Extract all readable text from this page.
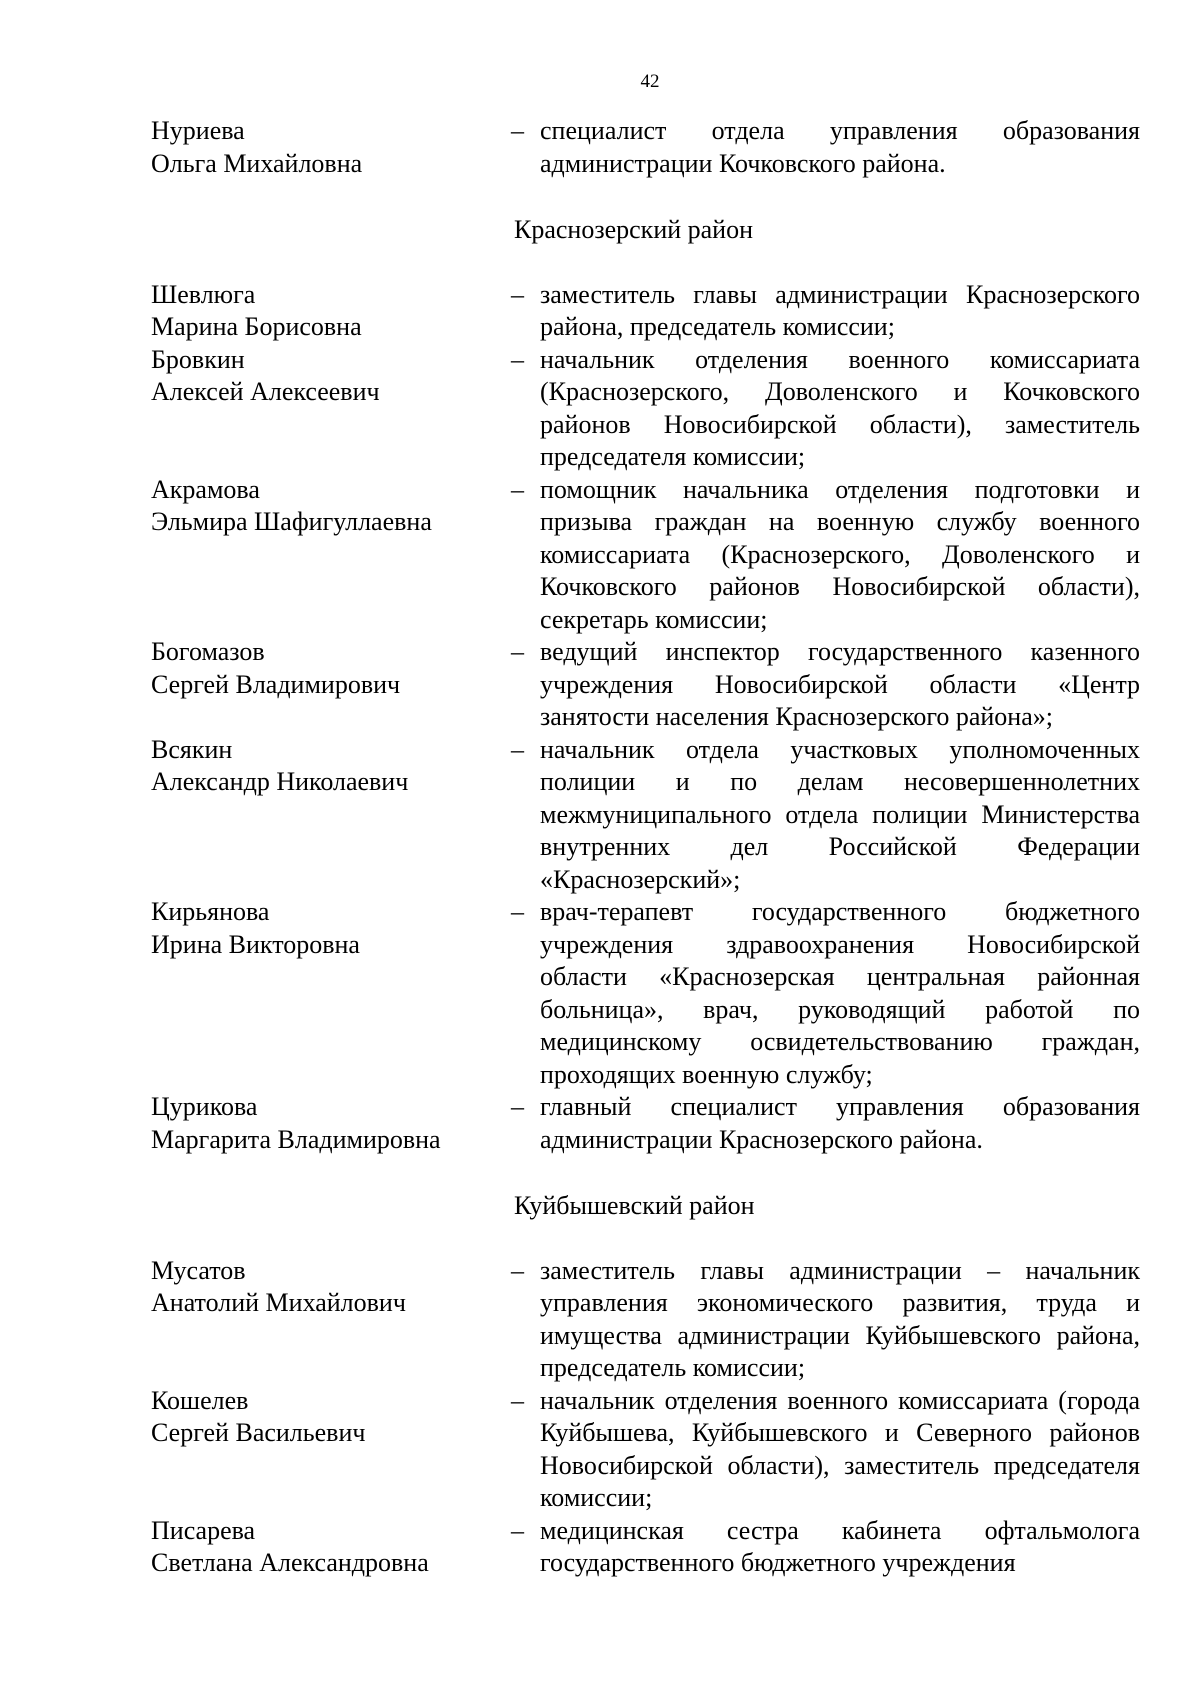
42
Нуриева
Ольга Михайловна
– специалист отдела управления образования администрации Кочковского района.
Краснозерский район
Шевлюга
Марина Борисовна
– заместитель главы администрации Краснозерского района, председатель комиссии;
Бровкин
Алексей Алексеевич
– начальник отделения военного комиссариата (Краснозерского, Доволенского и Кочковского районов Новосибирской области), заместитель председателя комиссии;
Акрамова
Эльмира Шафигуллаевна
– помощник начальника отделения подготовки и призыва граждан на военную службу военного комиссариата (Краснозерского, Доволенского и Кочковского районов Новосибирской области), секретарь комиссии;
Богомазов
Сергей Владимирович
– ведущий инспектор государственного казенного учреждения Новосибирской области «Центр занятости населения Краснозерского района»;
Всякин
Александр Николаевич
– начальник отдела участковых уполномоченных полиции и по делам несовершеннолетних межмуниципального отдела полиции Министерства внутренних дел Российской Федерации «Краснозерский»;
Кирьянова
Ирина Викторовна
– врач-терапевт государственного бюджетного учреждения здравоохранения Новосибирской области «Краснозерская центральная районная больница», врач, руководящий работой по медицинскому освидетельствованию граждан, проходящих военную службу;
Цурикова
Маргарита Владимировна
– главный специалист управления образования администрации Краснозерского района.
Куйбышевский район
Мусатов
Анатолий Михайлович
– заместитель главы администрации – начальник управления экономического развития, труда и имущества администрации Куйбышевского района, председатель комиссии;
Кошелев
Сергей Васильевич
– начальник отделения военного комиссариата (города Куйбышева, Куйбышевского и Северного районов Новосибирской области), заместитель председателя комиссии;
Писарева
Светлана Александровна
– медицинская сестра кабинета офтальмолога государственного бюджетного учреждения
